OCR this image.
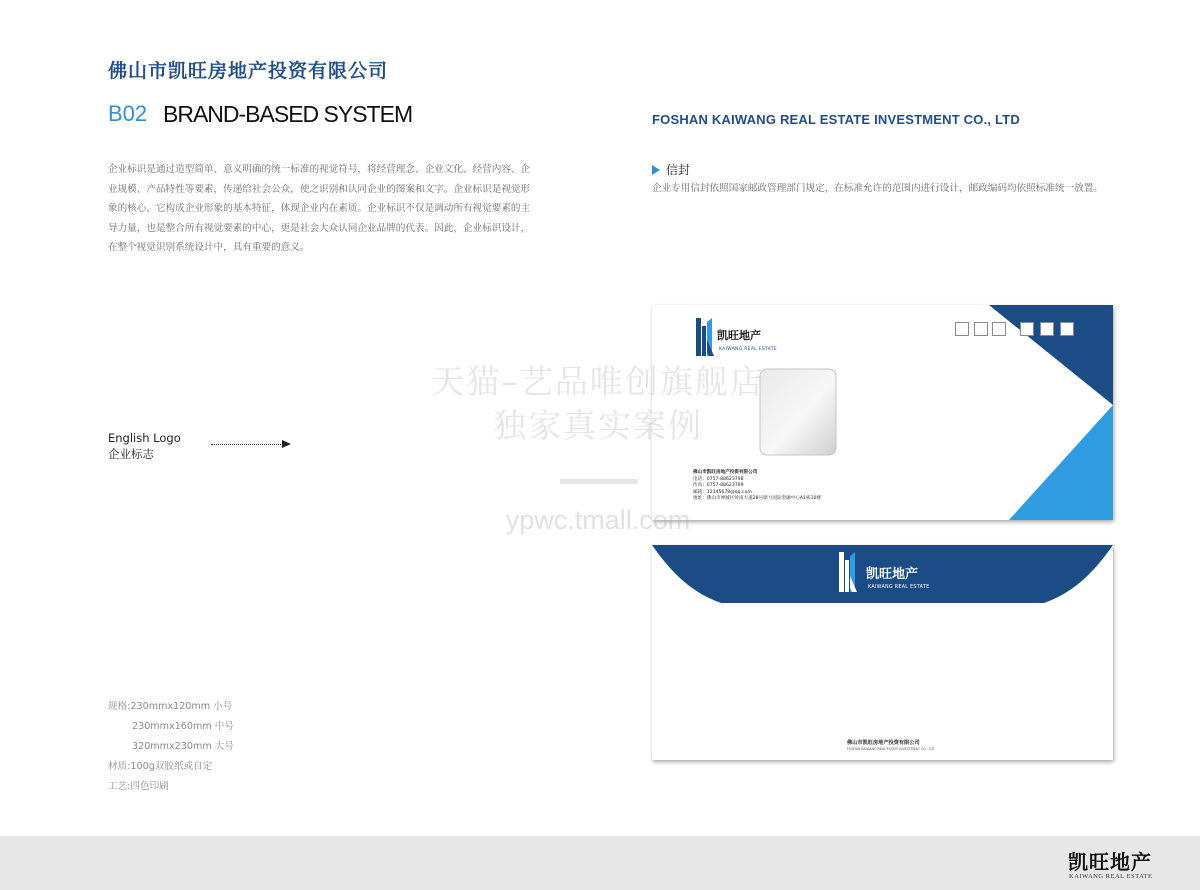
佛山市凯旺房地产投资有限公司
B02 BRAND-BASED SYSTEM	FOSHAN KAIWANG REAL ESTATE INVESTMENT CO., LTD
企业标识是通过造型简单、意义明确的统一标准的视觉符号，将经营理念、企业文化、经营内容、企业规模、产品特性等要素，传递给社会公众，使之识别和认同企业的图案和文字。企业标识是视觉形象的核心，它构成企业形象的基本特征，体现企业内在素质。企业标识不仅是调动所有视觉要素的主导力量，也是整合所有视觉要素的中心，更是社会大众认同企业品牌的代表。因此，企业标识设计，在整个视觉识别系统设计中，具有重要的意义。
信封
企业专用信封依照国家邮政管理部门规定，在标准允许的范围内进行设计，邮政编码均依照标准统一放置。
English Logo
企业标志
规格:230mmx120mm 小号
230mmx160mm 中号
320mmx230mm 大号
材质:100g双胶纸或自定
工艺:四色印刷
凯旺地产
KAIWANG REAL ESTATE
佛山市凯旺房地产投资有限公司
电话：0757-88623798
传真：0757-88623799
邮箱：12345678@qq.com
地址：佛山市禅城区岭南大道28号鼎力国际金融中心A1栋10楼
凯旺地产
KAIWANG REAL ESTATE
佛山市凯旺房地产投资有限公司
FOSHAN KAIWANG REAL ESTATE INVESTMENT CO., LTD
天猫–艺品唯创旗舰店
独家真实案例
ypwc.tmall.com
凯旺地产
KAIWANG REAL ESTATE
